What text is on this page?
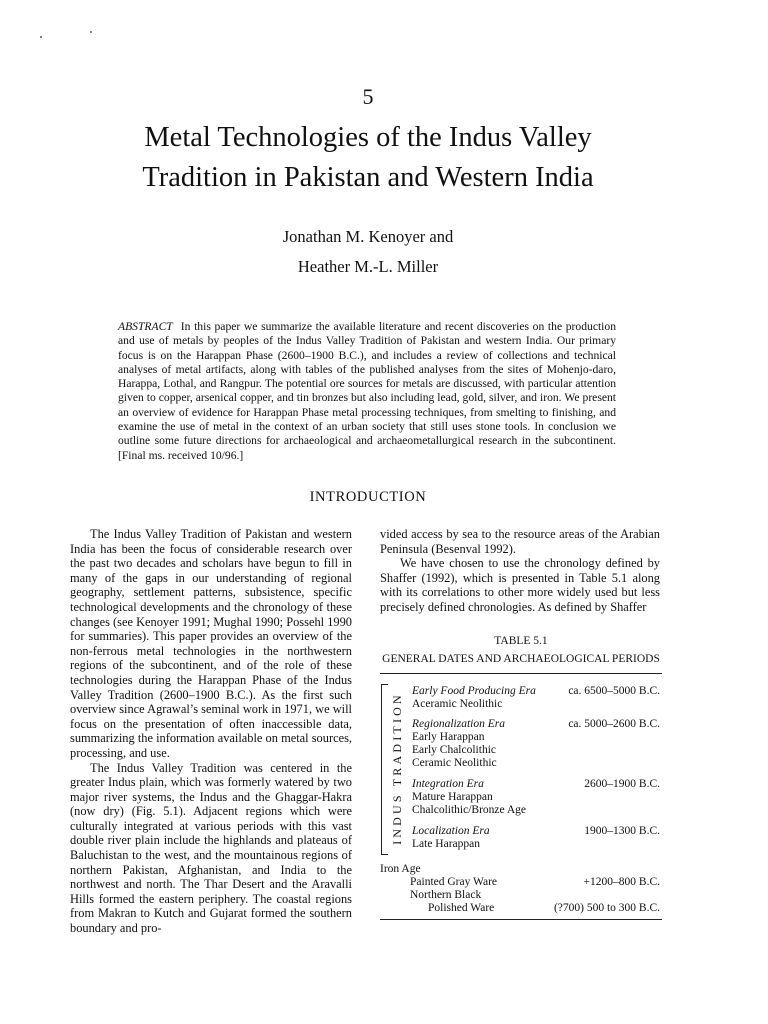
5
Metal Technologies of the Indus Valley
Tradition in Pakistan and Western India
Jonathan M. Kenoyer and
Heather M.-L. Miller
ABSTRACT In this paper we summarize the available literature and recent discoveries on the production and use of metals by peoples of the Indus Valley Tradition of Pakistan and western India. Our primary focus is on the Harappan Phase (2600–1900 B.C.), and includes a review of collections and technical analyses of metal artifacts, along with tables of the published analyses from the sites of Mohenjo-daro, Harappa, Lothal, and Rangpur. The potential ore sources for metals are discussed, with particular attention given to copper, arsenical copper, and tin bronzes but also including lead, gold, silver, and iron. We present an overview of evidence for Harappan Phase metal processing techniques, from smelting to finishing, and examine the use of metal in the context of an urban society that still uses stone tools. In conclusion we outline some future directions for archaeological and archaeometallurgical research in the subcontinent. [Final ms. received 10/96.]
INTRODUCTION

The Indus Valley Tradition of Pakistan and western India has been the focus of considerable research over the past two decades and scholars have begun to fill in many of the gaps in our understanding of regional geography, settlement patterns, subsistence, specific technological developments and the chronology of these changes (see Kenoyer 1991; Mughal 1990; Possehl 1990 for summaries). This paper provides an overview of the non-ferrous metal technologies in the northwestern regions of the subcontinent, and of the role of these technologies during the Harappan Phase of the Indus Valley Tradition (2600–1900 B.C.). As the first such overview since Agrawal’s seminal work in 1971, we will focus on the presentation of often inaccessible data, summarizing the information available on metal sources, processing, and use.

The Indus Valley Tradition was centered in the greater Indus plain, which was formerly watered by two major river systems, the Indus and the Ghaggar-Hakra (now dry) (Fig. 5.1). Adjacent regions which were culturally integrated at various periods with this vast double river plain include the highlands and plateaus of Baluchistan to the west, and the mountainous regions of northern Pakistan, Afghanistan, and India to the northwest and north. The Thar Desert and the Aravalli Hills formed the eastern periphery. The coastal regions from Makran to Kutch and Gujarat formed the southern boundary and pro-

vided access by sea to the resource areas of the Arabian Peninsula (Besenval 1992).

We have chosen to use the chronology defined by Shaffer (1992), which is presented in Table 5.1 along with its correlations to other more widely used but less precisely defined chronologies. As defined by Shaffer

TABLE 5.1
GENERAL DATES AND ARCHAEOLOGICAL PERIODS
INDUS TRADITION
Early Food Producing Era	ca. 6500–5000 B.C.
Aceramic Neolithic
Regionalization Era	ca. 5000–2600 B.C.
Early Harappan
Early Chalcolithic
Ceramic Neolithic
Integration Era	2600–1900 B.C.
Mature Harappan
Chalcolithic/Bronze Age
Localization Era	1900–1300 B.C.
Late Harappan
Iron Age
Painted Gray Ware	+1200–800 B.C.
Northern Black
Polished Ware	(?700) 500 to 300 B.C.
